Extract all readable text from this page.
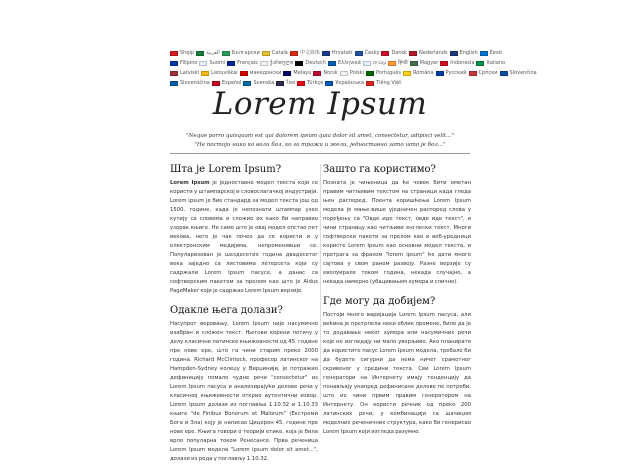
Shqip العربية Български Català 中文简体 Hrvatski Česky Dansk Nederlands English Eesti
Filipino Suomi Français ქართული Deutsch Ελληνικά עברית हिन्दी Magyar Indonesia Italiano
Latviski Lietuviškai македонски Melayu Norsk Polski Português Româna Pyccкий Српски Slovenčina
Slovenščina Español Svenska ไทย Türkçe Українська Tiếng Việt
Lorem Ipsum
"Neque porro quisquam est qui dolorem ipsum quia dolor sit amet, consectetur, adipisci velit..."
"Не постоји нико ко воли бол, ко га тражи и жели, једноставно зато што је бол..."
Шта је Lorem Ipsum?

Lorem Ipsum је једноставно модел текста који се користи у штампарској и словослагачкој индустрији. Lorem ipsum је био стандард за модел текста још од 1500. године, када је непознати штампар узео кутију са словима и сложио их како би направио узорак књиге. Не само што је овај модел опстао пет векова, него је чак почео да се користи и у електронским медијима, непроменивши се. Популаризован је шездесетих година двадесетог века заједно са листовима летерсета који су садржали Lorem Ipsum пасусе, а данас са софтверским пакетом за прелом као што је Aldus PageMaker који је садржао Lorem Ipsum верзије.

Одакле њега долази?

Насупрот веровању, Lorem Ipsum није насумично изабран и сложен текст. Његови корени потичу у делу класичне латинске књижевности од 45. године пре нове ере, што га чини старим преко 2000 година. Richard McClintock, професор латинског на Hampden-Sydney колеџу у Вирџинији, је потражио дефиницију помало чудне речи "consectetur" из Lorem Ipsum пасуса и анализирајући делове речи у класичној књижевности открио аутентични извор. Lorem Ipsum долази из поглавља 1.10.32 и 1.10.33 књиге "de Finibus Bonorum et Malorum" (Екстреми Бога и Зла) коју је написао Цицерон 45. године пре нове ере. Књига говори о теорији етике, која је била врло популарна током Ренесансе. Прва реченица Lorem Ipsum модела "Lorem ipsum dolor sit amet...", долази из реда у поглављу 1.10.32.

Зашто га користимо?

Позната је чињеница да ће човек бити ометан правим читљивим текстом на страници када гледа њен распоред. Поента коришћења Lorem Ipsum модела је мање-више уједначен распоред слова у поређењу са "Овде иде текст, овде иде текст", и чини страницу као читљиви енглески текст. Многи софтверски пакети за прелом као и веб-уредници користе Lorem Ipsum као основни модел текста, и претрага за фразом "lorem ipsum" ће дати много сајтова у свом раном развоју. Разне верзије су еволуирале током година, некада случајно, а некада намерно (убацивањем хумора и слично).

Где могу да добијем?

Постоји много варијација Lorem Ipsum пасуса, али већина је претрпела неки облик промене, било да је то додавање неког хумора или насумичних речи које не изгледају ни мало уверљиво. Ако планирате да користите пасус Lorem Ipsum модела, требало би да будете сигурни да нема ничег срамотног скривеног у средини текста. Сви Lorem Ipsum генератори на Интернету имају тенденцију да понављају унапред дефинисане делове по потреби, што их чини првим правим генератором на Интернету. Он користи речник од преко 200 латинских речи, у комбинацији са шачицом моделних реченичних структура, како би генерисао Lorem Ipsum који изгледа разумно.
